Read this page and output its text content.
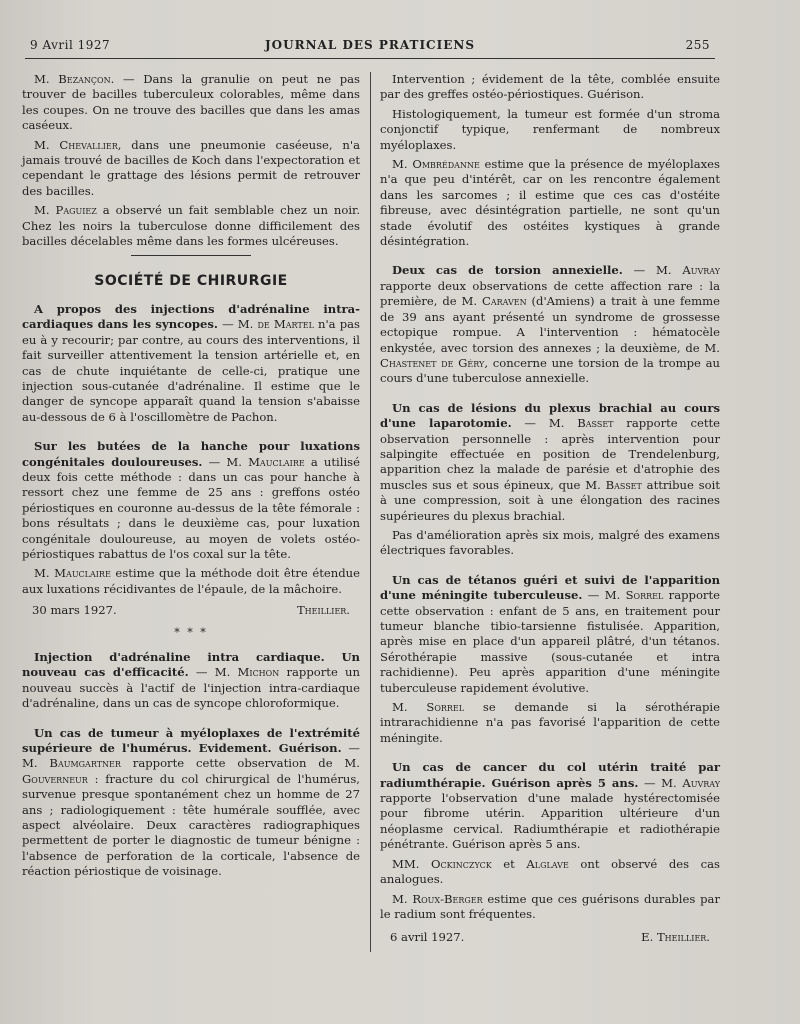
9 Avril 1927	JOURNAL DES PRATICIENS	255

M. Bezançon. — Dans la granulie on peut ne pas trouver de bacilles tuberculeux colorables, même dans les coupes. On ne trouve des bacilles que dans les amas caséeux.

M. Chevallier, dans une pneumonie caséeuse, n'a jamais trouvé de bacilles de Koch dans l'expectoration et cependant le grattage des lésions permit de retrouver des bacilles.

M. Paguiez a observé un fait semblable chez un noir. Chez les noirs la tuberculose donne difficilement des bacilles décelables même dans les formes ulcéreuses.

SOCIÉTÉ DE CHIRURGIE

A propos des injections d'adrénaline intra-cardiaques dans les syncopes. — M. de Martel n'a pas eu à y recourir; par contre, au cours des interventions, il fait surveiller attentivement la tension artérielle et, en cas de chute inquiétante de celle-ci, pratique une injection sous-cutanée d'adrénaline. Il estime que le danger de syncope apparaît quand la tension s'abaisse au-dessous de 6 à l'oscillomètre de Pachon.

Sur les butées de la hanche pour luxations congénitales douloureuses. — M. Mauclaire a utilisé deux fois cette méthode : dans un cas pour hanche à ressort chez une femme de 25 ans : greffons ostéo périostiques en couronne au-dessus de la tête fémorale : bons résultats ; dans le deuxième cas, pour luxation congénitale douloureuse, au moyen de volets ostéo-périostiques rabattus de l'os coxal sur la tête.

M. Mauclaire estime que la méthode doit être étendue aux luxations récidivantes de l'épaule, de la mâchoire.

30 mars 1927.	Theillier.
* * *

Injection d'adrénaline intra cardiaque. Un nouveau cas d'efficacité. — M. Michon rapporte un nouveau succès à l'actif de l'injection intra-cardiaque d'adrénaline, dans un cas de syncope chloroformique.

Un cas de tumeur à myéloplaxes de l'extrémité supérieure de l'humérus. Evidement. Guérison. — M. Baumgartner rapporte cette observation de M. Gouverneur : fracture du col chirurgical de l'humérus, survenue presque spontanément chez un homme de 27 ans ; radiologiquement : tête humérale soufflée, avec aspect alvéolaire. Deux caractères radiographiques permettent de porter le diagnostic de tumeur bénigne : l'absence de perforation de la corticale, l'absence de réaction périostique de voisinage.

Intervention ; évidement de la tête, comblée ensuite par des greffes ostéo-périostiques. Guérison.

Histologiquement, la tumeur est formée d'un stroma conjonctif typique, renfermant de nombreux myéloplaxes.

M. Ombrédanne estime que la présence de myéloplaxes n'a que peu d'intérêt, car on les rencontre également dans les sarcomes ; il estime que ces cas d'ostéite fibreuse, avec désintégration partielle, ne sont qu'un stade évolutif des ostéites kystiques à grande désintégration.

Deux cas de torsion annexielle. — M. Auvray rapporte deux observations de cette affection rare : la première, de M. Caraven (d'Amiens) a trait à une femme de 39 ans ayant présenté un syndrome de grossesse ectopique rompue. A l'intervention : hématocèle enkystée, avec torsion des annexes ; la deuxième, de M. Chastenet de Géry, concerne une torsion de la trompe au cours d'une tuberculose annexielle.

Un cas de lésions du plexus brachial au cours d'une laparotomie. — M. Basset rapporte cette observation personnelle : après intervention pour salpingite effectuée en position de Trendelenburg, apparition chez la malade de parésie et d'atrophie des muscles sus et sous épineux, que M. Basset attribue soit à une compression, soit à une élongation des racines supérieures du plexus brachial.

Pas d'amélioration après six mois, malgré des examens électriques favorables.

Un cas de tétanos guéri et suivi de l'apparition d'une méningite tuberculeuse. — M. Sorrel rapporte cette observation : enfant de 5 ans, en traitement pour tumeur blanche tibio-tarsienne fistulisée. Apparition, après mise en place d'un appareil plâtré, d'un tétanos. Sérothérapie massive (sous-cutanée et intra rachidienne). Peu après apparition d'une méningite tuberculeuse rapidement évolutive.

M. Sorrel se demande si la sérothérapie intrarachidienne n'a pas favorisé l'apparition de cette méningite.

Un cas de cancer du col utérin traité par radiumthérapie. Guérison après 5 ans. — M. Auvray rapporte l'observation d'une malade hystérectomisée pour fibrome utérin. Apparition ultérieure d'un néoplasme cervical. Radiumthérapie et radiothérapie pénétrante. Guérison après 5 ans.

MM. Ockinczyck et Alglave ont observé des cas analogues.

M. Roux-Berger estime que ces guérisons durables par le radium sont fréquentes.

6 avril 1927.	E. Theillier.
